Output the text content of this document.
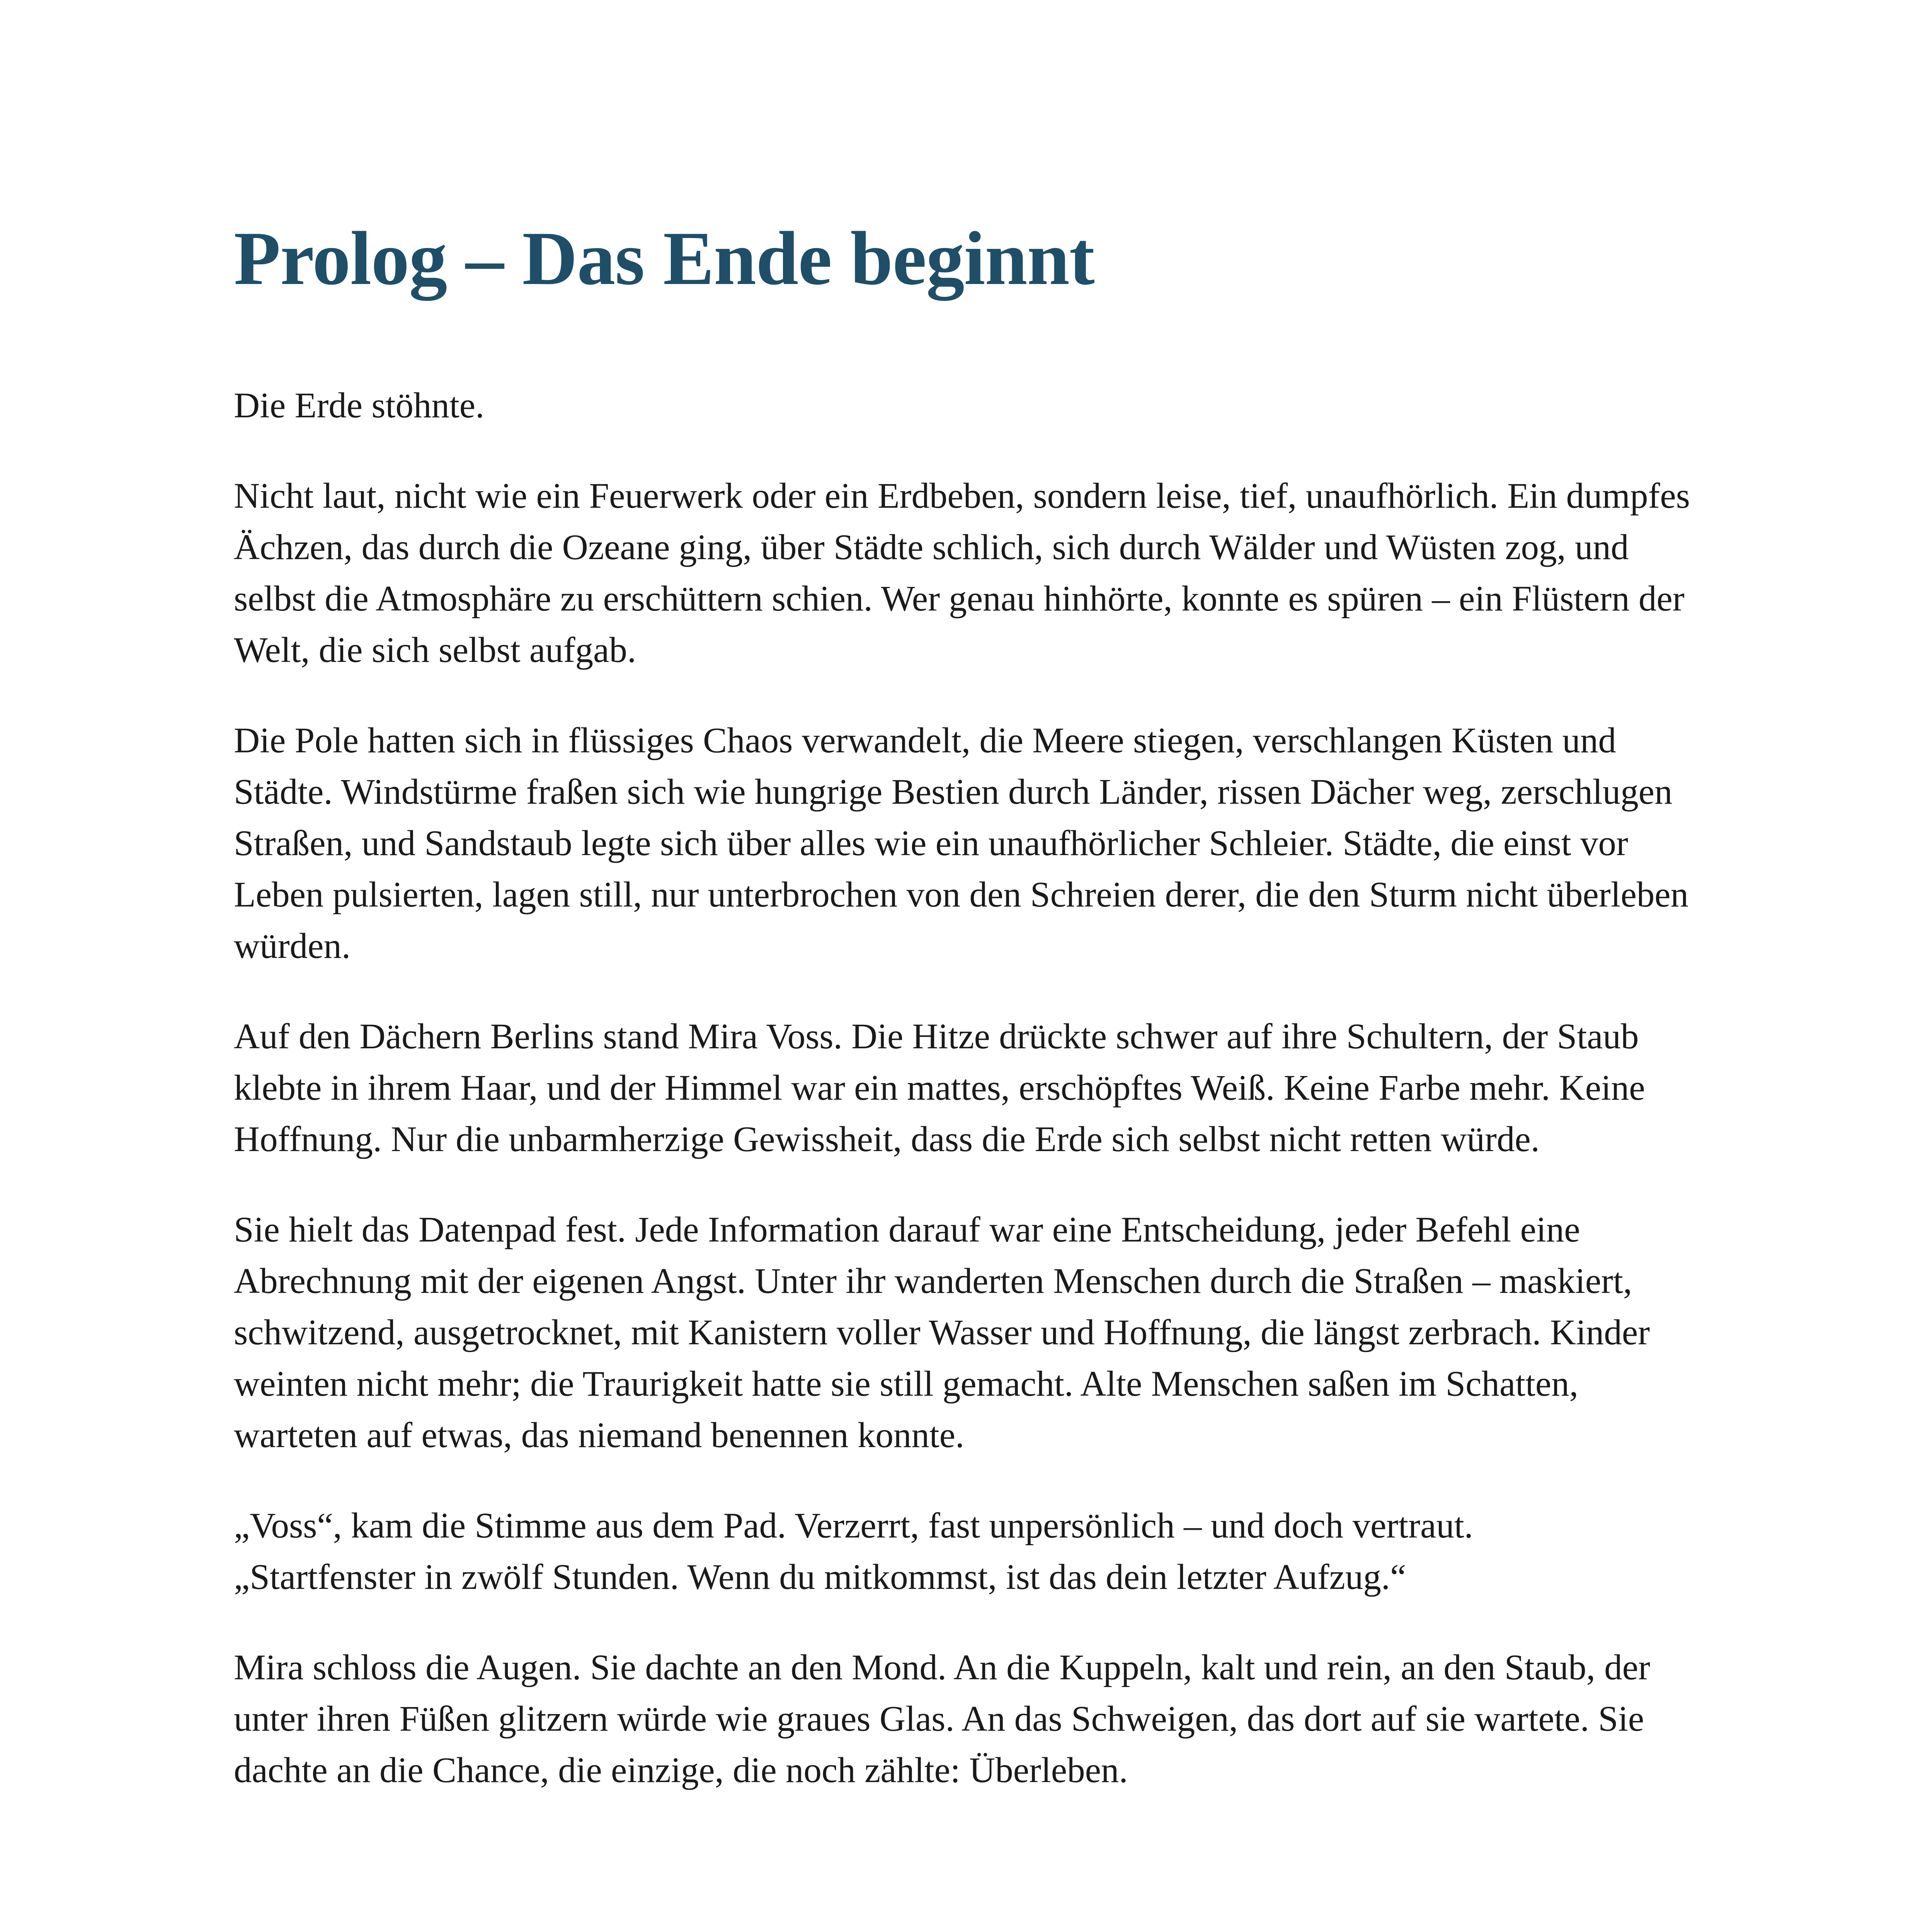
Prolog – Das Ende beginnt

Die Erde stöhnte.

Nicht laut, nicht wie ein Feuerwerk oder ein Erdbeben, sondern leise, tief, unaufhörlich. Ein dumpfes Ächzen, das durch die Ozeane ging, über Städte schlich, sich durch Wälder und Wüsten zog, und selbst die Atmosphäre zu erschüttern schien. Wer genau hinhörte, konnte es spüren – ein Flüstern der Welt, die sich selbst aufgab.

Die Pole hatten sich in flüssiges Chaos verwandelt, die Meere stiegen, verschlangen Küsten und Städte. Windstürme fraßen sich wie hungrige Bestien durch Länder, rissen Dächer weg, zerschlugen Straßen, und Sandstaub legte sich über alles wie ein unaufhörlicher Schleier. Städte, die einst vor Leben pulsierten, lagen still, nur unterbrochen von den Schreien derer, die den Sturm nicht überleben würden.

Auf den Dächern Berlins stand Mira Voss. Die Hitze drückte schwer auf ihre Schultern, der Staub klebte in ihrem Haar, und der Himmel war ein mattes, erschöpftes Weiß. Keine Farbe mehr. Keine Hoffnung. Nur die unbarmherzige Gewissheit, dass die Erde sich selbst nicht retten würde.

Sie hielt das Datenpad fest. Jede Information darauf war eine Entscheidung, jeder Befehl eine Abrechnung mit der eigenen Angst. Unter ihr wanderten Menschen durch die Straßen – maskiert, schwitzend, ausgetrocknet, mit Kanistern voller Wasser und Hoffnung, die längst zerbrach. Kinder weinten nicht mehr; die Traurigkeit hatte sie still gemacht. Alte Menschen saßen im Schatten, warteten auf etwas, das niemand benennen konnte.

„Voss“, kam die Stimme aus dem Pad. Verzerrt, fast unpersönlich – und doch vertraut.
„Startfenster in zwölf Stunden. Wenn du mitkommst, ist das dein letzter Aufzug.“

Mira schloss die Augen. Sie dachte an den Mond. An die Kuppeln, kalt und rein, an den Staub, der unter ihren Füßen glitzern würde wie graues Glas. An das Schweigen, das dort auf sie wartete. Sie dachte an die Chance, die einzige, die noch zählte: Überleben.
